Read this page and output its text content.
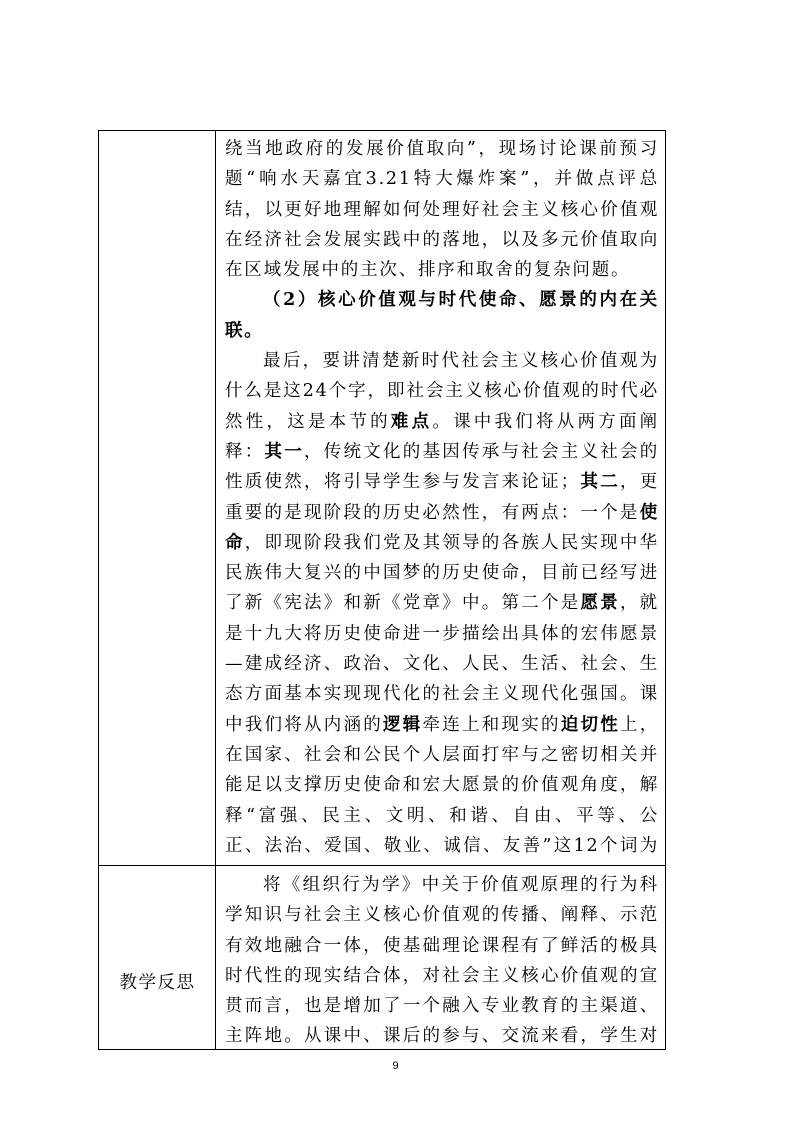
绕当地政府的发展价值取向”，现场讨论课前预习题“响水天嘉宜3.21特大爆炸案”，并做点评总结，以更好地理解如何处理好社会主义核心价值观在经济社会发展实践中的落地，以及多元价值取向在区域发展中的主次、排序和取舍的复杂问题。

（2）核心价值观与时代使命、愿景的内在关联。

最后，要讲清楚新时代社会主义核心价值观为什么是这24个字，即社会主义核心价值观的时代必然性，这是本节的难点。课中我们将从两方面阐释：其一，传统文化的基因传承与社会主义社会的性质使然，将引导学生参与发言来论证；其二，更重要的是现阶段的历史必然性，有两点：一个是使命，即现阶段我们党及其领导的各族人民实现中华民族伟大复兴的中国梦的历史使命，目前已经写进了新《宪法》和新《党章》中。第二个是愿景，就是十九大将历史使命进一步描绘出具体的宏伟愿景—建成经济、政治、文化、人民、生活、社会、生态方面基本实现现代化的社会主义现代化强国。课中我们将从内涵的逻辑牵连上和现实的迫切性上，在国家、社会和公民个人层面打牢与之密切相关并能足以支撑历史使命和宏大愿景的价值观角度，解释“富强、民主、文明、和谐、自由、平等、公正、法治、爱国、敬业、诚信、友善”这12个词为

教学反思

将《组织行为学》中关于价值观原理的行为科学知识与社会主义核心价值观的传播、阐释、示范有效地融合一体，使基础理论课程有了鲜活的极具时代性的现实结合体，对社会主义核心价值观的宣贯而言，也是增加了一个融入专业教育的主渠道、主阵地。从课中、课后的参与、交流来看，学生对

9
